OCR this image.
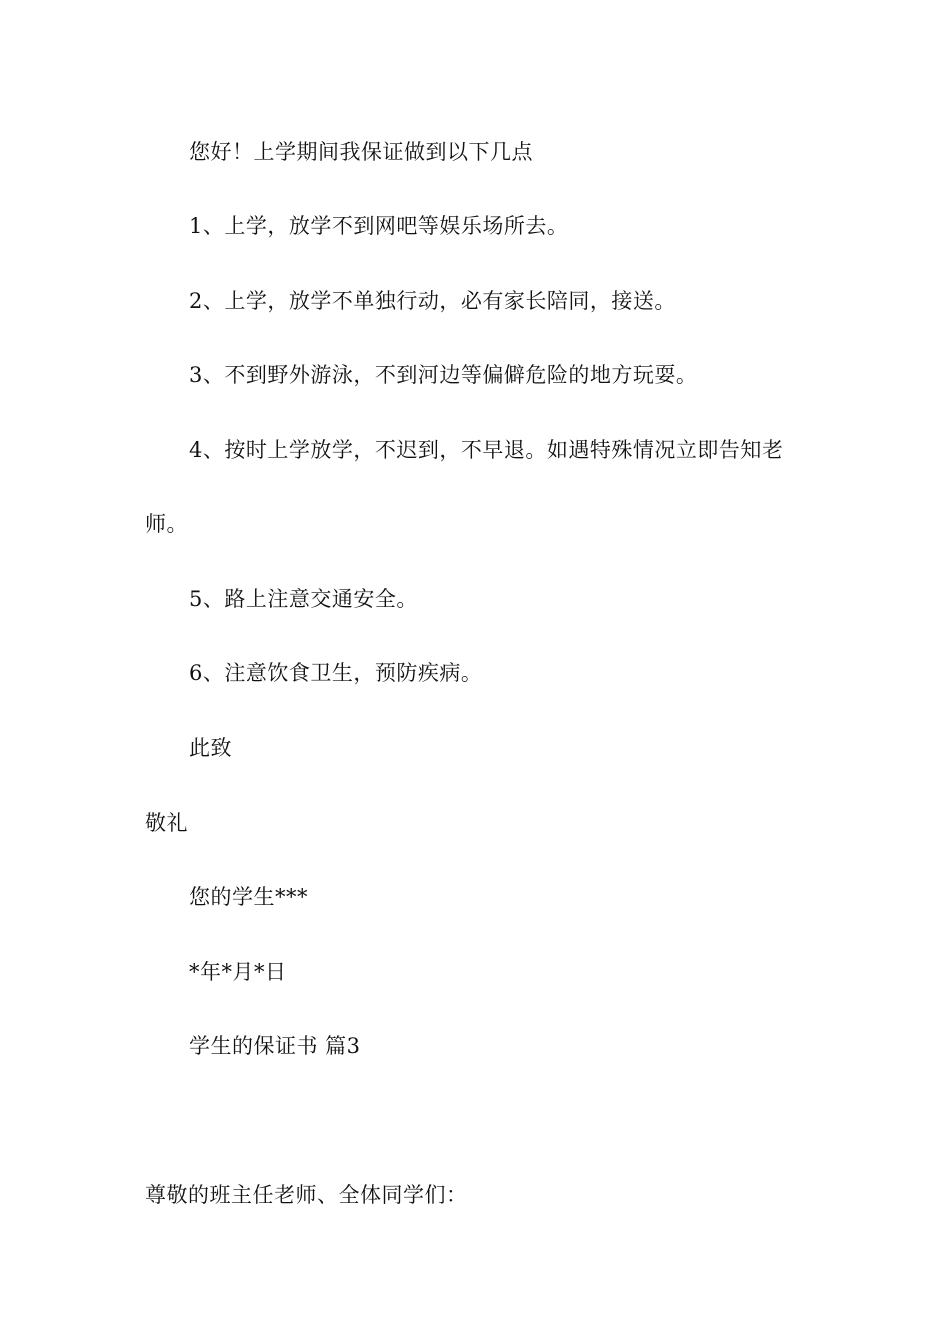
您好！上学期间我保证做到以下几点
1、上学，放学不到网吧等娱乐场所去。
2、上学，放学不单独行动，必有家长陪同，接送。
3、不到野外游泳，不到河边等偏僻危险的地方玩耍。
4、按时上学放学，不迟到，不早退。如遇特殊情况立即告知老
师。
5、路上注意交通安全。
6、注意饮食卫生，预防疾病。
此致
敬礼
您的学生***
*年*月*日
学生的保证书 篇3
尊敬的班主任老师、全体同学们：
